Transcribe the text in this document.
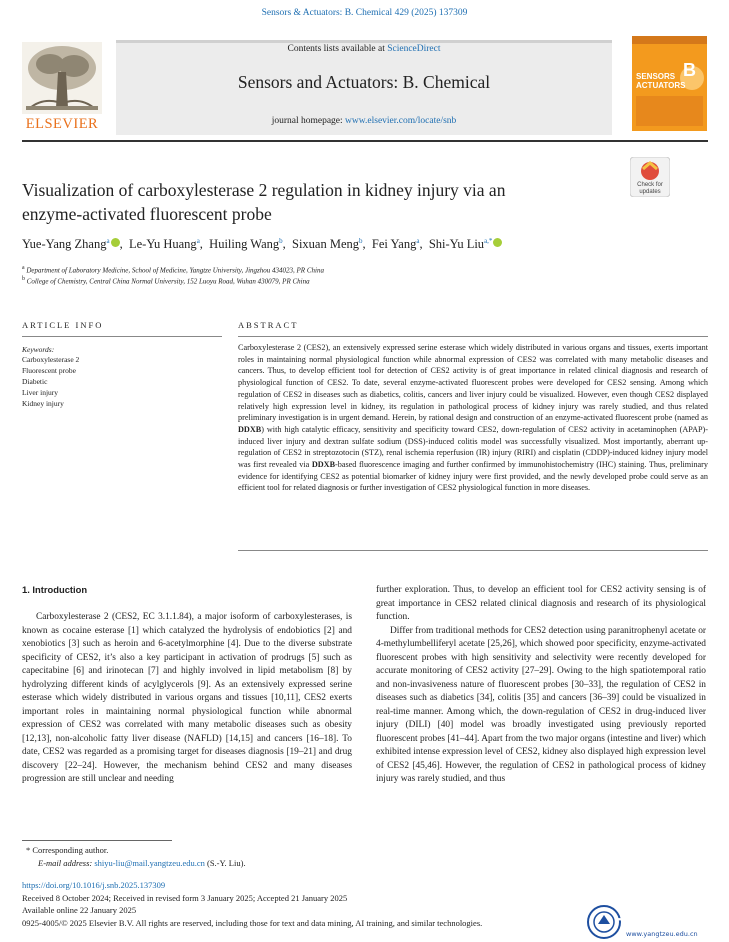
Sensors & Actuators: B. Chemical 429 (2025) 137309
Contents lists available at ScienceDirect
Sensors and Actuators: B. Chemical
journal homepage: www.elsevier.com/locate/snb
ELSEVIER
SENSORS
ACTUATORS
B
Visualization of carboxylesterase 2 regulation in kidney injury via an
enzyme-activated fluorescent probe
Check for
updates
Yue-Yang Zhang$^a$ ,  Le-Yu Huang$^a$,  Huiling Wang$^b$,  Sixuan Meng$^b$,  Fei Yang$^a$,  Shi-Yu Liu$^{a,*}$
$^a$ Department of Laboratory Medicine, School of Medicine, Yangtze University, Jingzhou 434023, PR China
$^b$ College of Chemistry, Central China Normal University, 152 Luoyu Road, Wuhan 430079, PR China
ARTICLE INFO	ABSTRACT
Keywords:
Carboxylesterase 2
Fluorescent probe
Diabetic
Liver injury
Kidney injury
Carboxylesterase 2 (CES2), an extensively expressed serine esterase which widely distributed in various organs and tissues, exerts important roles in maintaining normal physiological function while abnormal expression of CES2 was correlated with many metabolic diseases and cancers. Thus, to develop efficient tool for detection of CES2 activity is of great importance in related clinical diagnosis and research of physiological function of CES2. To date, several enzyme-activated fluorescent probes were developed for CES2 sensing. Among which regulation of CES2 in diseases such as diabetics, colitis, cancers and liver injury could be visualized. However, even though CES2 displayed relatively high expression level in kidney, its regulation in pathological process of kidney injury was rarely studied, and thus related preliminary investigation is in urgent demand. Herein, by rational design and construction of an enzyme-activated fluorescent probe (named as DDXB) with high catalytic efficacy, sensitivity and specificity toward CES2, down-regulation of CES2 activity in acetaminophen (APAP)-induced liver injury and dextran sulfate sodium (DSS)-induced colitis model was successfully visualized. Most importantly, aberrant up-regulation of CES2 in streptozotocin (STZ), renal ischemia reperfusion (IR) injury (RIRI) and cisplatin (CDDP)-induced kidney injury model was first revealed via DDXB-based fluorescence imaging and further confirmed by immunohistochemistry (IHC) staining. Thus, preliminary evidence for identifying CES2 as potential biomarker of kidney injury were first provided, and the newly developed probe could serve as an efficient tool for related diagnosis or further investigation of CES2 physiological function in more diseases.
1. Introduction
Carboxylesterase 2 (CES2, EC 3.1.1.84), a major isoform of carboxylesterases, is known as cocaine esterase [1] which catalyzed the hydrolysis of endobiotics [2] and xenobiotics [3] such as heroin and 6-acetylmorphine [4]. Due to the diverse substrate specificity of CES2, it’s also a key participant in activation of prodrugs [5] such as capecitabine [6] and irinotecan [7] and highly involved in lipid metabolism [8] by hydrolyzing different kinds of acylglycerols [9]. As an extensively expressed serine esterase which widely distributed in various organs and tissues [10,11], CES2 exerts important roles in maintaining normal physiological function while abnormal expression of CES2 was correlated with many metabolic diseases such as obesity [12,13], non-alcoholic fatty liver disease (NAFLD) [14,15] and cancers [16–18]. To date, CES2 was regarded as a promising target for diseases diagnosis [19–21] and drug discovery [22–24]. However, the mechanism behind CES2 and many diseases progression are still unclear and needing
further exploration. Thus, to develop an efficient tool for CES2 activity sensing is of great importance in CES2 related clinical diagnosis and research of its physiological function.
Differ from traditional methods for CES2 detection using paranitrophenyl acetate or 4-methylumbelliferyl acetate [25,26], which showed poor specificity, enzyme-activated fluorescent probes with high sensitivity and selectivity were recently developed for accurate monitoring of CES2 activity [27–29]. Owing to the high spatiotemporal ratio and non-invasiveness nature of fluorescent probes [30–33], the regulation of CES2 in diseases such as diabetics [34], colitis [35] and cancers [36–39] could be visualized in real-time manner. Among which, the down-regulation of CES2 in drug-induced liver injury (DILI) [40] model was broadly investigated using previously reported fluorescent probes [41–44]. Apart from the two major organs (intestine and liver) which exhibited intense expression level of CES2, kidney also displayed high expression level of CES2 [45,46]. However, the regulation of CES2 in pathological process of kidney injury was rarely studied, and thus
* Corresponding author.
E-mail address: shiyu-liu@mail.yangtzeu.edu.cn (S.-Y. Liu).
https://doi.org/10.1016/j.snb.2025.137309
Received 8 October 2024; Received in revised form 3 January 2025; Accepted 21 January 2025
Available online 22 January 2025
0925-4005/© 2025 Elsevier B.V. All rights are reserved, including those for text and data mining, AI training, and similar technologies.	长大新闻网
www.yangtzeu.edu.cn
